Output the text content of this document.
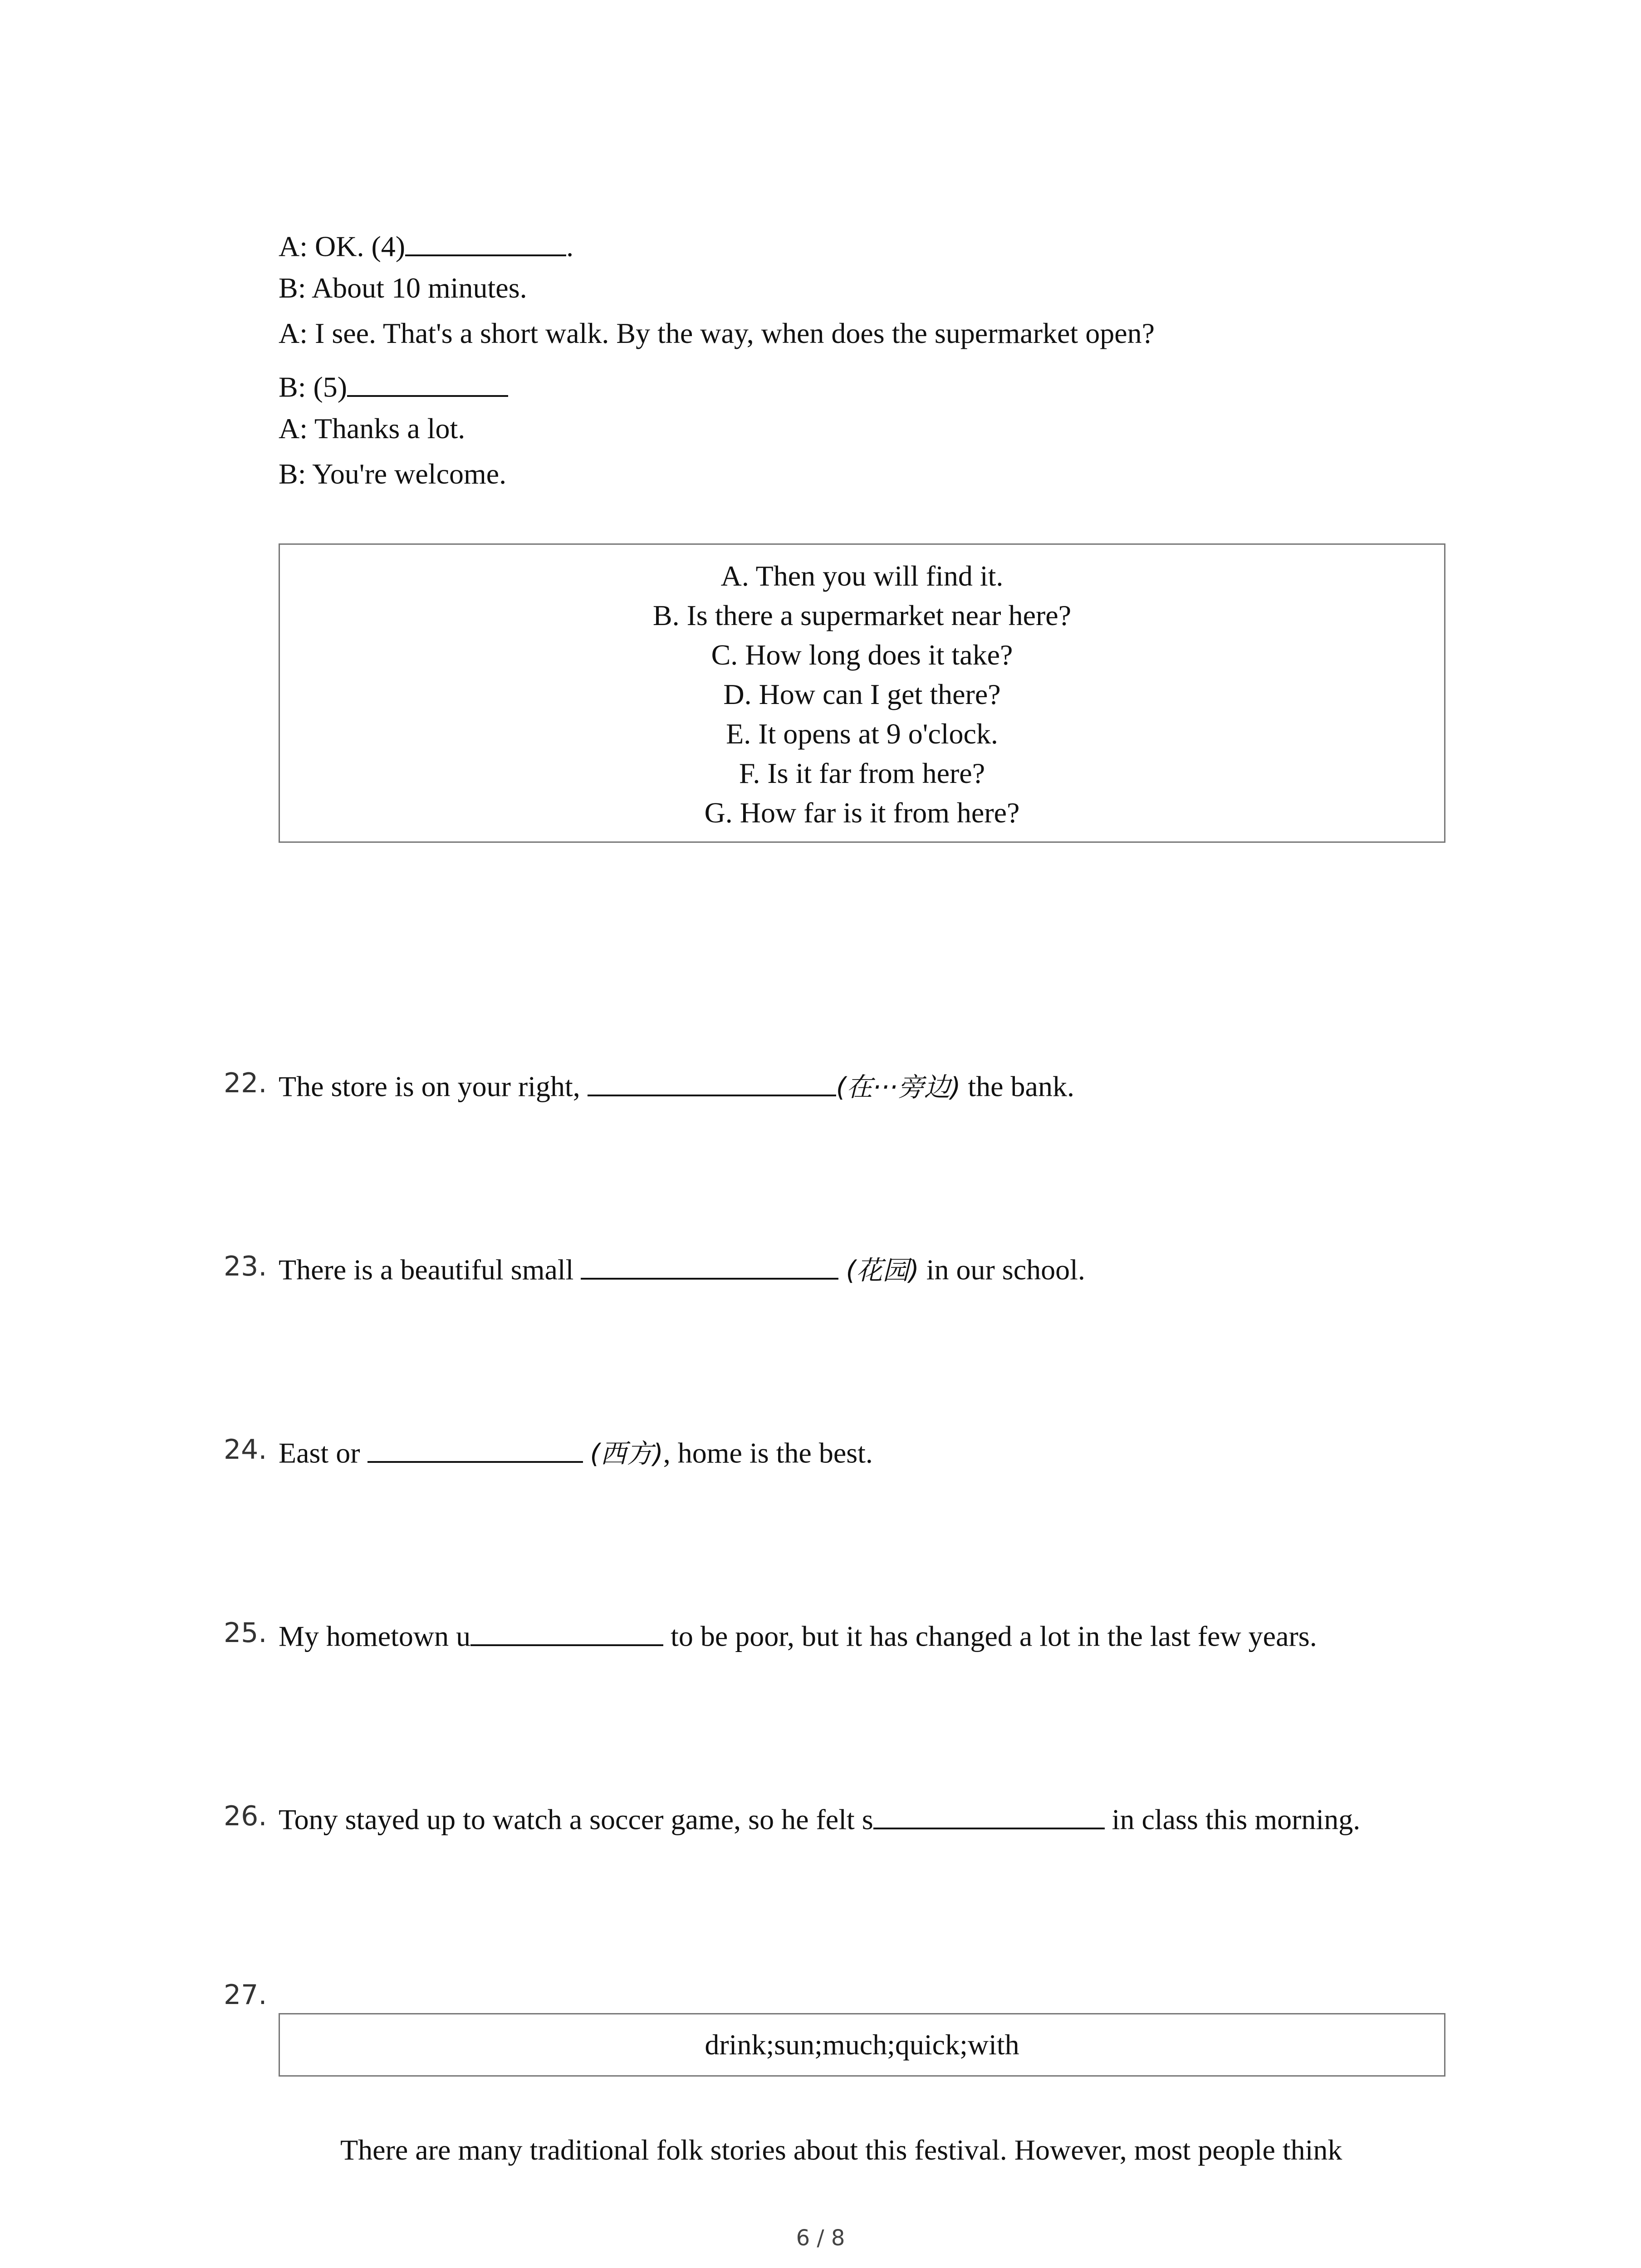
A: OK. (4)	.
B: About 10 minutes.
A: I see. That's a short walk. By the way, when does the supermarket open?
B: (5)
A: Thanks a lot.
B: You're welcome.
A. Then you will find it.
B. Is there a supermarket near here?
C. How long does it take?
D. How can I get there?
E. It opens at 9 o'clock.
F. Is it far from here?
G. How far is it from here?
22. The store is on your right,	(在···旁边) the bank.
23. There is a beautiful small	(花园) in our school.
24. East or	(西方), home is the best.
25. My hometown u	to be poor, but it has changed a lot in the last few years.
26. Tony stayed up to watch a soccer game, so he felt s	in class this morning.
27.
drink;sun;much;quick;with
There are many traditional folk stories about this festival. However, most people think
6 / 8
